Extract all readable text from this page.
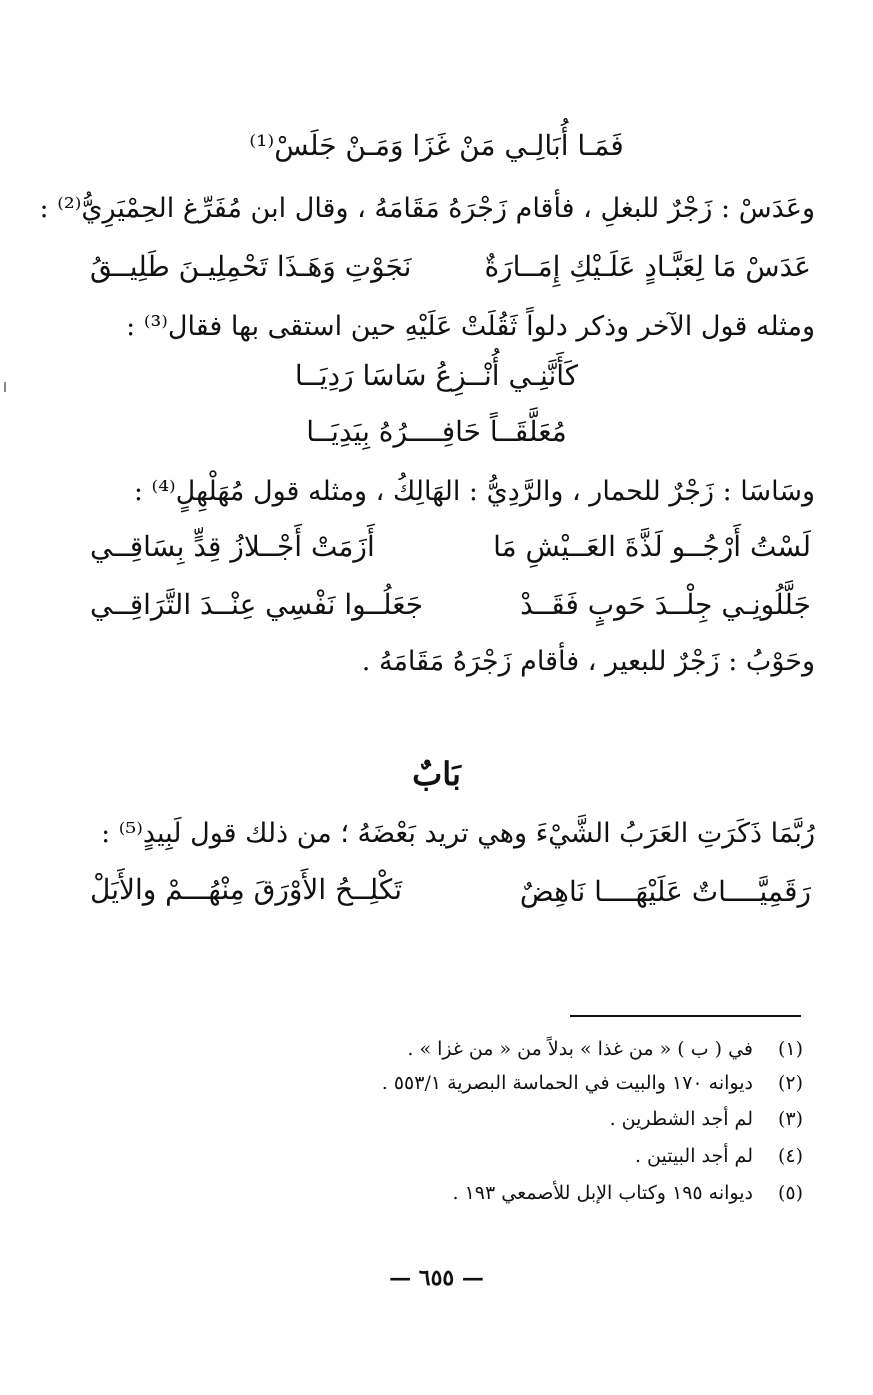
فَمَـا أُبَالِـي مَنْ غَزَا وَمَـنْ جَلَسْ⁽¹⁾
وعَدَسْ : زَجْرٌ للبغلِ ، فأقام زَجْرَهُ مَقَامَهُ ، وقال ابن مُفَرِّغ الحِمْيَرِيُّ⁽²⁾ :
عَدَسْ مَا لِعَبَّـادٍ عَلَـيْكِ إِمَــارَةٌ
نَجَوْتِ وَهَـذَا تَحْمِلِيـنَ طَلِيــقُ
ومثله قول الآخر وذكر دلواً ثَقُلَتْ عَلَيْهِ حين استقى بها فقال⁽³⁾ :
كَأَنَّنِـي أُنْــزِعُ سَاسَا رَدِيَــا
مُعَلَّقَــاً حَافِــــرُهُ بِيَدِيَــا
وسَاسَا : زَجْرٌ للحمار ، والرَّدِيُّ : الهَالِكُ ، ومثله قول مُهَلْهِلٍ⁽⁴⁾ :
لَسْتُ أَرْجُــو لَذَّةَ العَــيْشِ مَا
أَزَمَتْ أَجْــلازُ قِدٍّ بِسَاقِــي
جَلَّلُونِـي جِلْــدَ حَوبٍ فَقَــدْ
جَعَلُــوا نَفْسِي عِنْــدَ التَّرَاقِــي
وحَوْبُ : زَجْرٌ للبعير ، فأقام زَجْرَهُ مَقَامَهُ .
بَابٌ
رُبَّمَا ذَكَرَتِ العَرَبُ الشَّيْءَ وهي تريد بَعْضَهُ ؛ من ذلك قول لَبِيدٍ⁽⁵⁾ :
رَقَمِيَّــــاتٌ عَلَيْهَــــا نَاهِضٌ
تَكْلِــحُ الأَوْرَقَ مِنْهُـــمْ والأَيَلْ
(١)
في ( ب ) « من غذا » بدلاً من « من غزا » .
(٢)
ديوانه ١٧٠ والبيت في الحماسة البصرية ٥٥٣/١ .
(٣)
لم أجد الشطرين .
(٤)
لم أجد البيتين .
(٥)
ديوانه ١٩٥ وكتاب الإبل للأصمعي ١٩٣ .
— ٦٥٥ —
